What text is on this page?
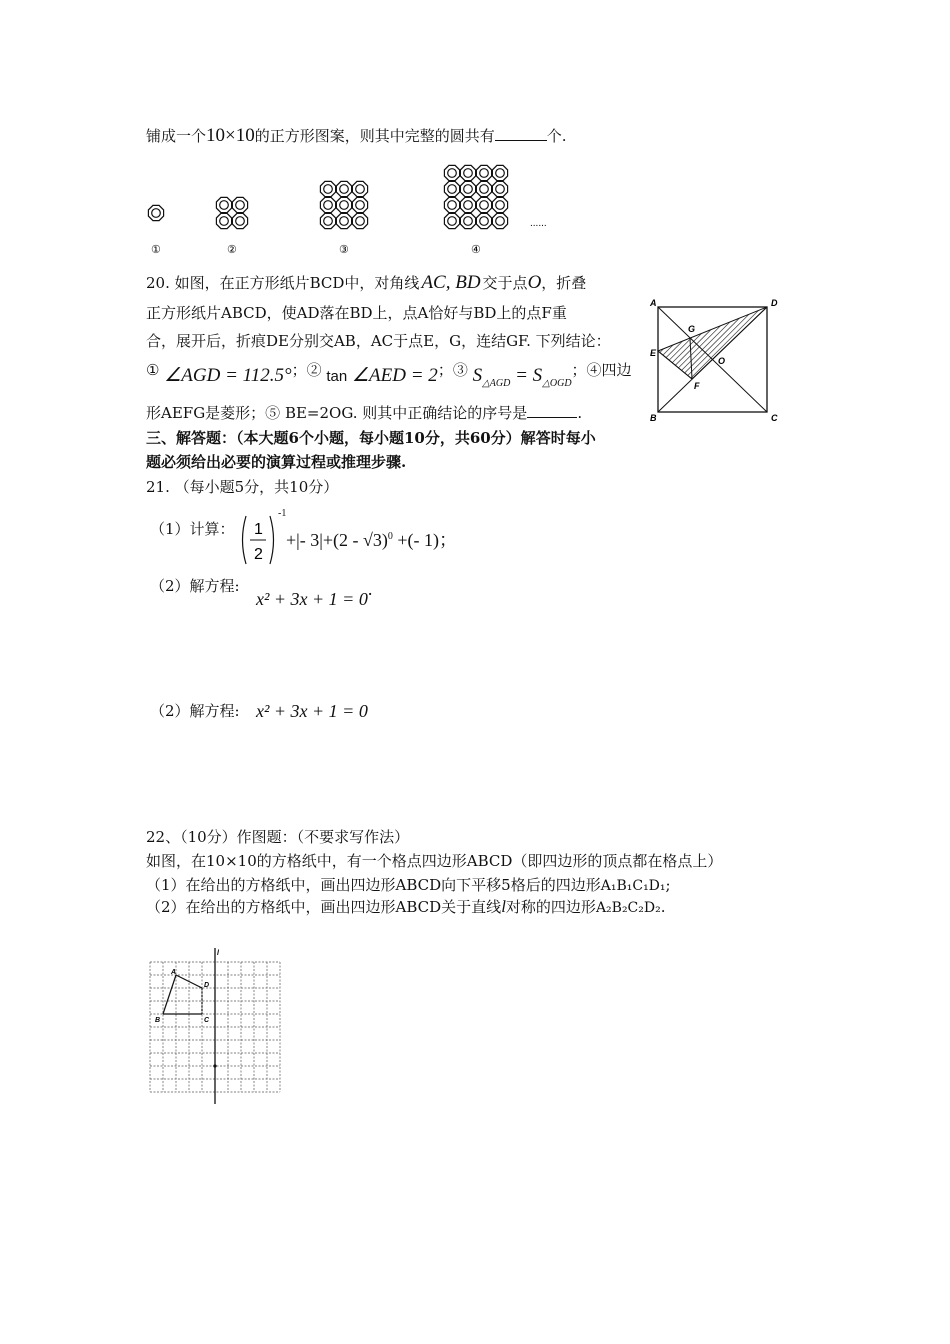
铺成一个10×10的正方形图案，则其中完整的圆共有	个.
①	②	③	④
......
20. 如图，在正方形纸片BCD中，对角线 AC, BD 交于点O，折叠
正方形纸片ABCD，使AD落在BD上，点A恰好与BD上的点F重
合，展开后，折痕DE分别交AB，AC于点E，G，连结GF. 下列结论：
① ∠AGD = 112.5°；② tan ∠AED = 2；③ $S_{\triangle AGD} = S_{\triangle OGD}$；④四边
形AEFG是菱形；⑤ BE=2OG. 则其中正确结论的序号是	.
A	D
G
E
O
F
B	C
三、解答题：（本大题6个小题，每小题10分，共60分）解答时每小
题必须给出必要的演算过程或推理步骤.
21. （每小题5分，共10分）
（1）计算： 1
2
-1
+|- 3|+(2 - √3)$^0$ +(- 1)；
（2）解方程:
x² + 3x + 1 = 0.
（2）解方程: x² + 3x + 1 = 0
22、（10分）作图题：（不要求写作法）
如图，在10×10的方格纸中，有一个格点四边形ABCD（即四边形的顶点都在格点上）
（1）在给出的方格纸中，画出四边形ABCD向下平移5格后的四边形A₁B₁C₁D₁;
（2）在给出的方格纸中，画出四边形ABCD关于直线l对称的四边形A₂B₂C₂D₂.
l
A
D
B	C
